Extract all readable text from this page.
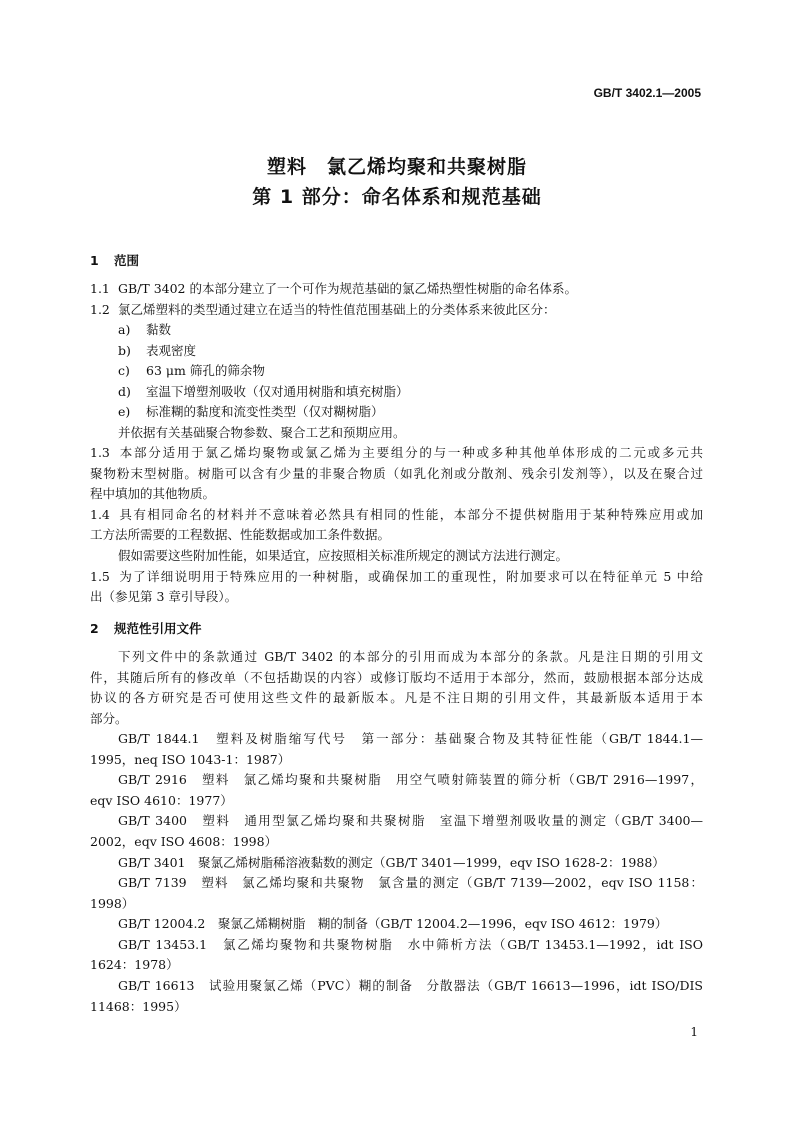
GB/T 3402.1—2005
塑料　氯乙烯均聚和共聚树脂
第 1 部分：命名体系和规范基础
1 范围
1.1 GB/T 3402 的本部分建立了一个可作为规范基础的氯乙烯热塑性树脂的命名体系。
1.2 氯乙烯塑料的类型通过建立在适当的特性值范围基础上的分类体系来彼此区分：
a) 黏数
b) 表观密度
c) 63 μm 筛孔的筛余物
d) 室温下增塑剂吸收（仅对通用树脂和填充树脂）
e) 标准糊的黏度和流变性类型（仅对糊树脂）
并依据有关基础聚合物参数、聚合工艺和预期应用。
1.3 本部分适用于氯乙烯均聚物或氯乙烯为主要组分的与一种或多种其他单体形成的二元或多元共
聚物粉末型树脂。树脂可以含有少量的非聚合物质（如乳化剂或分散剂、残余引发剂等），以及在聚合过
程中填加的其他物质。
1.4 具有相同命名的材料并不意味着必然具有相同的性能，本部分不提供树脂用于某种特殊应用或加
工方法所需要的工程数据、性能数据或加工条件数据。
假如需要这些附加性能，如果适宜，应按照相关标准所规定的测试方法进行测定。
1.5 为了详细说明用于特殊应用的一种树脂，或确保加工的重现性，附加要求可以在特征单元 5 中给
出（参见第 3 章引导段）。
2 规范性引用文件
下列文件中的条款通过 GB/T 3402 的本部分的引用而成为本部分的条款。凡是注日期的引用文
件，其随后所有的修改单（不包括勘误的内容）或修订版均不适用于本部分，然而，鼓励根据本部分达成
协议的各方研究是否可使用这些文件的最新版本。凡是不注日期的引用文件，其最新版本适用于本
部分。
GB/T 1844.1　塑料及树脂缩写代号　第一部分：基础聚合物及其特征性能（GB/T 1844.1—
1995，neq ISO 1043-1：1987）
GB/T 2916　塑料　氯乙烯均聚和共聚树脂　用空气喷射筛装置的筛分析（GB/T 2916—1997，
eqv ISO 4610：1977）
GB/T 3400　塑料　通用型氯乙烯均聚和共聚树脂　室温下增塑剂吸收量的测定（GB/T 3400—
2002，eqv ISO 4608：1998）
GB/T 3401　聚氯乙烯树脂稀溶液黏数的测定（GB/T 3401—1999，eqv ISO 1628-2：1988）
GB/T 7139　塑料　氯乙烯均聚和共聚物　氯含量的测定（GB/T 7139—2002，eqv ISO 1158：
1998）
GB/T 12004.2　聚氯乙烯糊树脂　糊的制备（GB/T 12004.2—1996，eqv ISO 4612：1979）
GB/T 13453.1　氯乙烯均聚物和共聚物树脂　水中筛析方法（GB/T 13453.1—1992，idt ISO
1624：1978）
GB/T 16613　试验用聚氯乙烯（PVC）糊的制备　分散器法（GB/T 16613—1996，idt ISO/DIS
11468：1995）
1
